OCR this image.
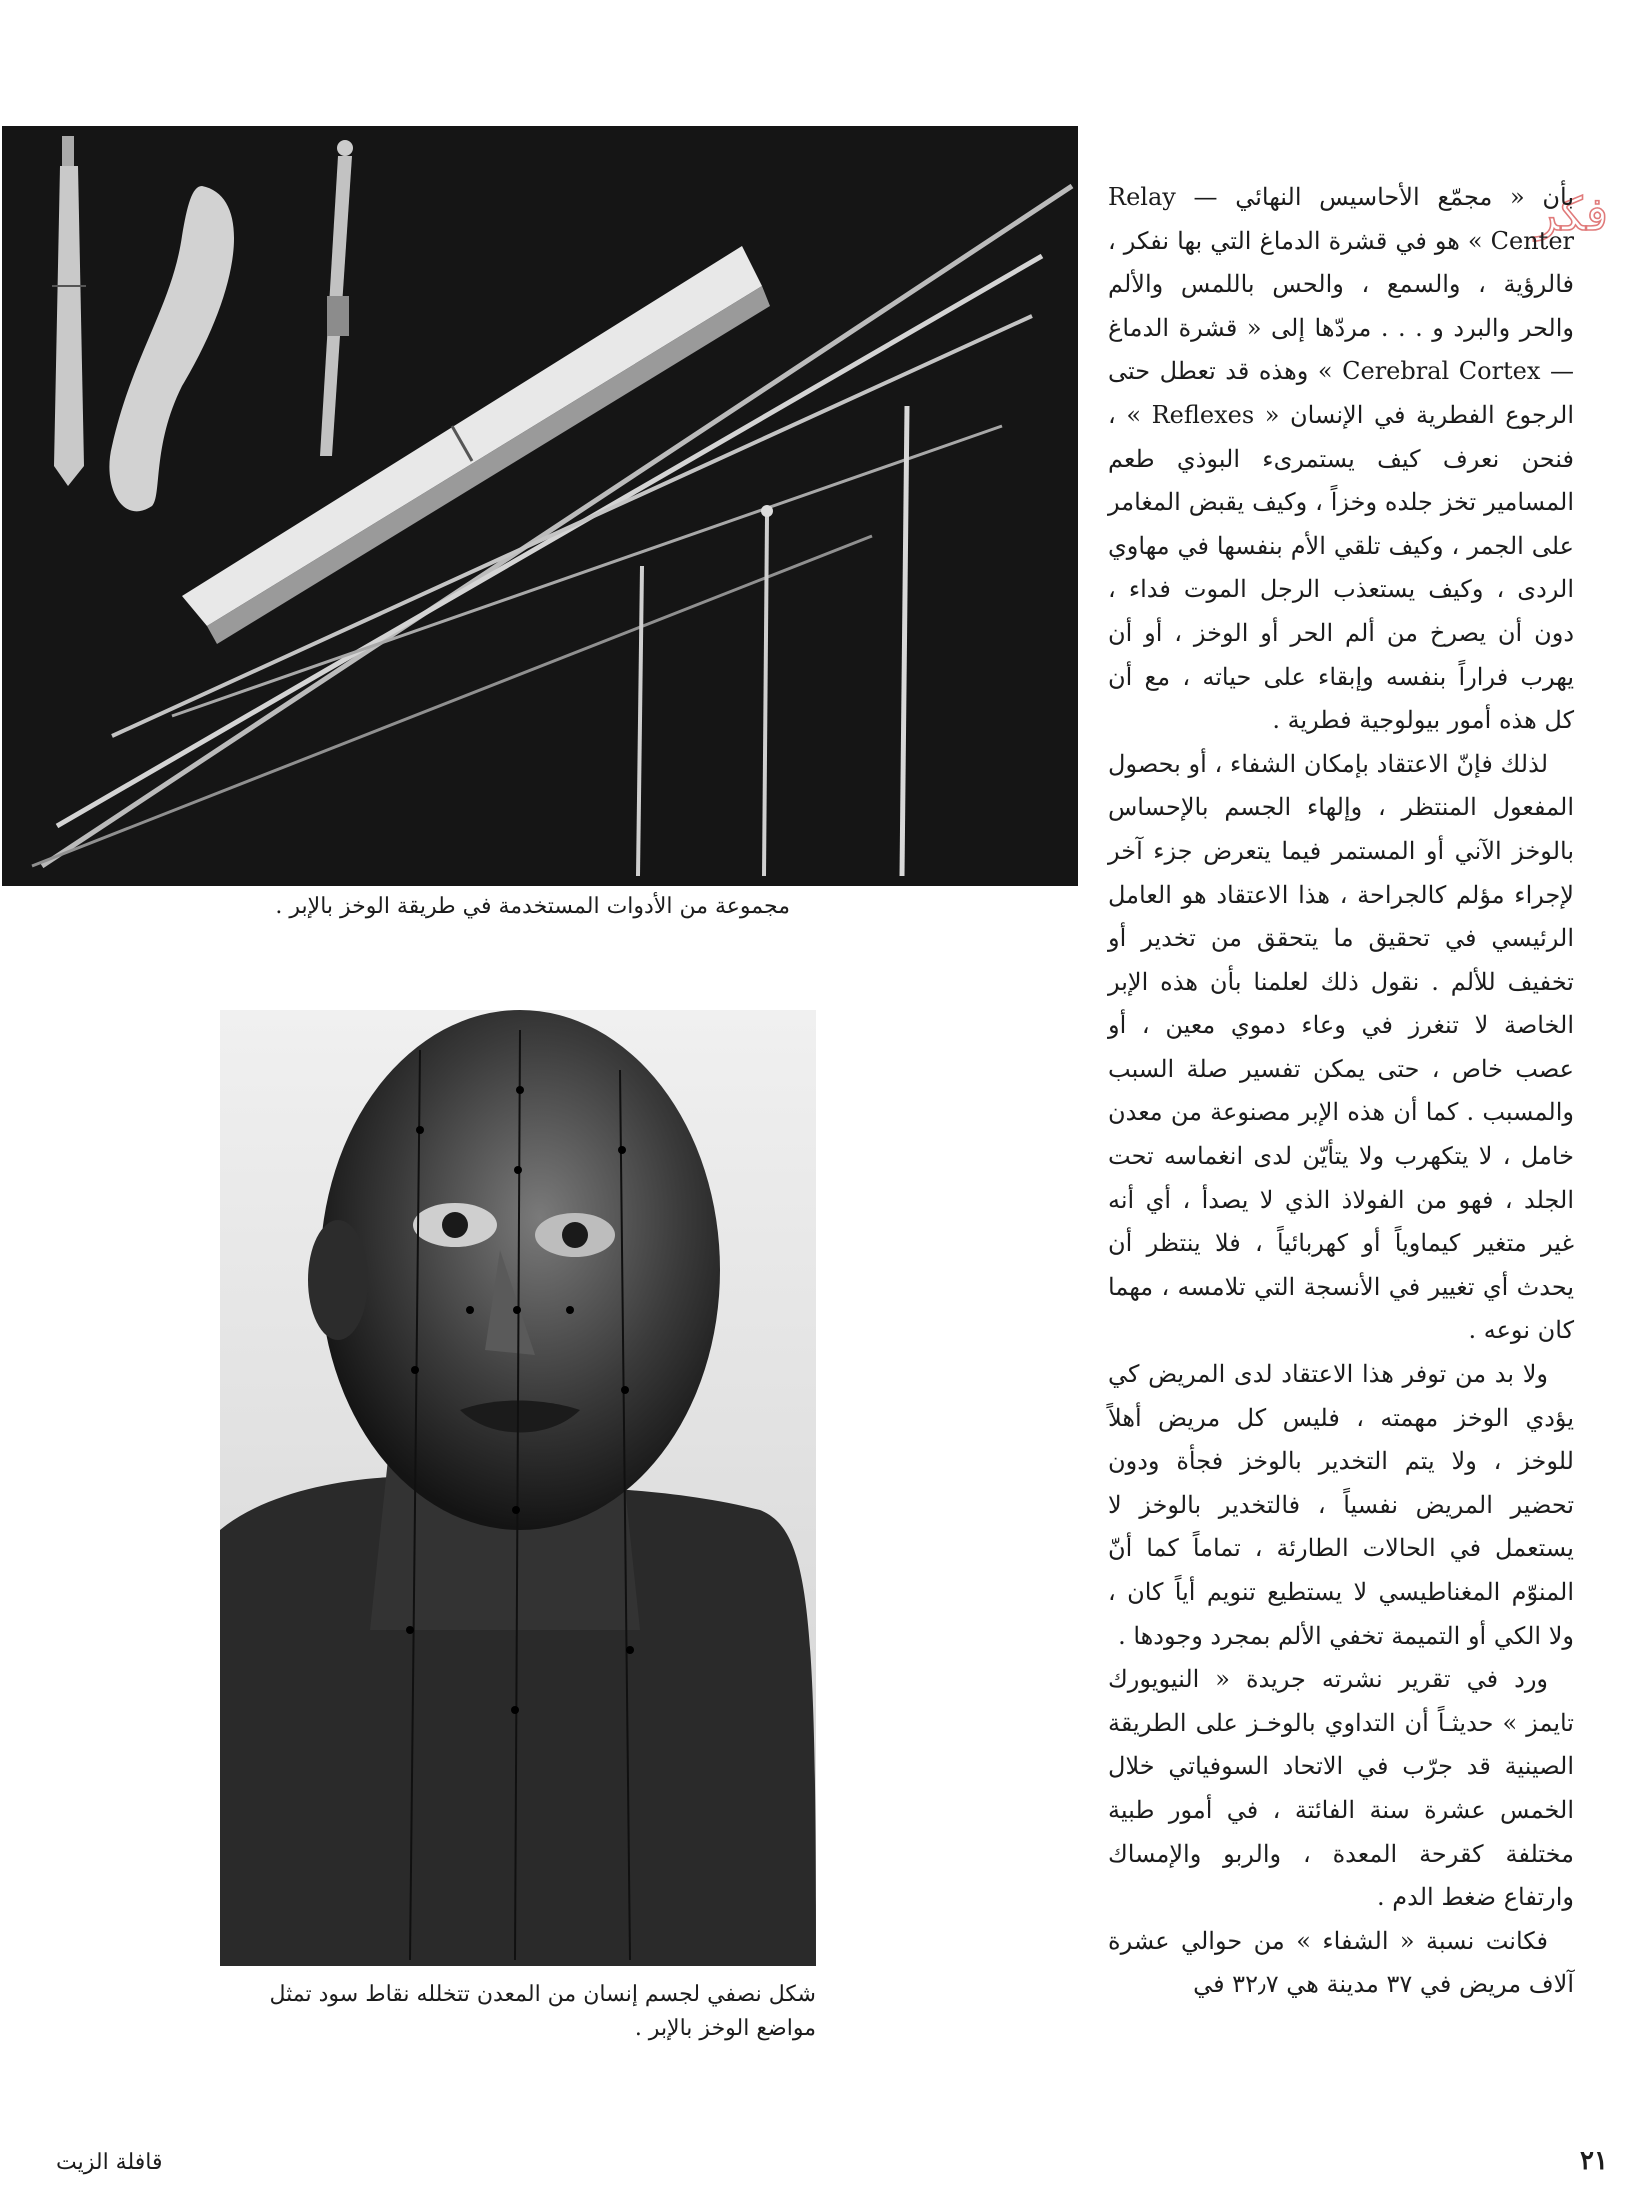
مجموعة من الأدوات المستخدمة في طريقة الوخز بالإبر .
شكل نصفي لجسم إنسان من المعدن تتخلله نقاط سود تمثل مواضع الوخز بالإبر .
فكر

بأن « مجمّع الأحاسيس النهائي — Relay Center » هو في قشرة الدماغ التي بها نفكر ، فالرؤية ، والسمع ، والحس باللمس والألم والحر والبرد و . . . مردّها إلى « قشرة الدماغ — Cerebral Cortex » وهذه قد تعطل حتى الرجوع الفطرية في الإنسان « Reflexes » ، فنحن نعرف كيف يستمرىء البوذي طعم المسامير تخز جلده وخزاً ، وكيف يقبض المغامر على الجمر ، وكيف تلقي الأم بنفسها في مهاوي الردى ، وكيف يستعذب الرجل الموت فداء ، دون أن يصرخ من ألم الحر أو الوخز ، أو أن يهرب فراراً بنفسه وإبقاء على حياته ، مع أن كل هذه أمور بيولوجية فطرية .

لذلك فإنّ الاعتقاد بإمكان الشفاء ، أو بحصول المفعول المنتظر ، وإلهاء الجسم بالإحساس بالوخز الآني أو المستمر فيما يتعرض جزء آخر لإجراء مؤلم كالجراحة ، هذا الاعتقاد هو العامل الرئيسي في تحقيق ما يتحقق من تخدير أو تخفيف للألم . نقول ذلك لعلمنا بأن هذه الإبر الخاصة لا تنغرز في وعاء دموي معين ، أو عصب خاص ، حتى يمكن تفسير صلة السبب والمسبب . كما أن هذه الإبر مصنوعة من معدن خامل ، لا يتكهرب ولا يتأيّن لدى انغماسه تحت الجلد ، فهو من الفولاذ الذي لا يصدأ ، أي أنه غير متغير كيماوياً أو كهربائياً ، فلا ينتظر أن يحدث أي تغيير في الأنسجة التي تلامسه ، مهما كان نوعه .

ولا بد من توفر هذا الاعتقاد لدى المريض كي يؤدي الوخز مهمته ، فليس كل مريض أهلاً للوخز ، ولا يتم التخدير بالوخز فجأة ودون تحضير المريض نفسياً ، فالتخدير بالوخز لا يستعمل في الحالات الطارئة ، تماماً كما أنّ المنوّم المغناطيسي لا يستطيع تنويم أياً كان ، ولا الكي أو التميمة تخفي الألم بمجرد وجودها .

ورد في تقرير نشرته جريدة « النيويورك تايمز » حديثـاً أن التداوي بالوخـز على الطريقة الصينية قد جرّب في الاتحاد السوفياتي خلال الخمس عشرة سنة الفائتة ، في أمور طبية مختلفة كقرحة المعدة ، والربو والإمساك وارتفاع ضغط الدم .

فكانت نسبة « الشفاء » من حوالي عشرة آلاف مريض في ٣٧ مدينة هي ٣٢٫٧ في

٢١
قافلة الزيت
